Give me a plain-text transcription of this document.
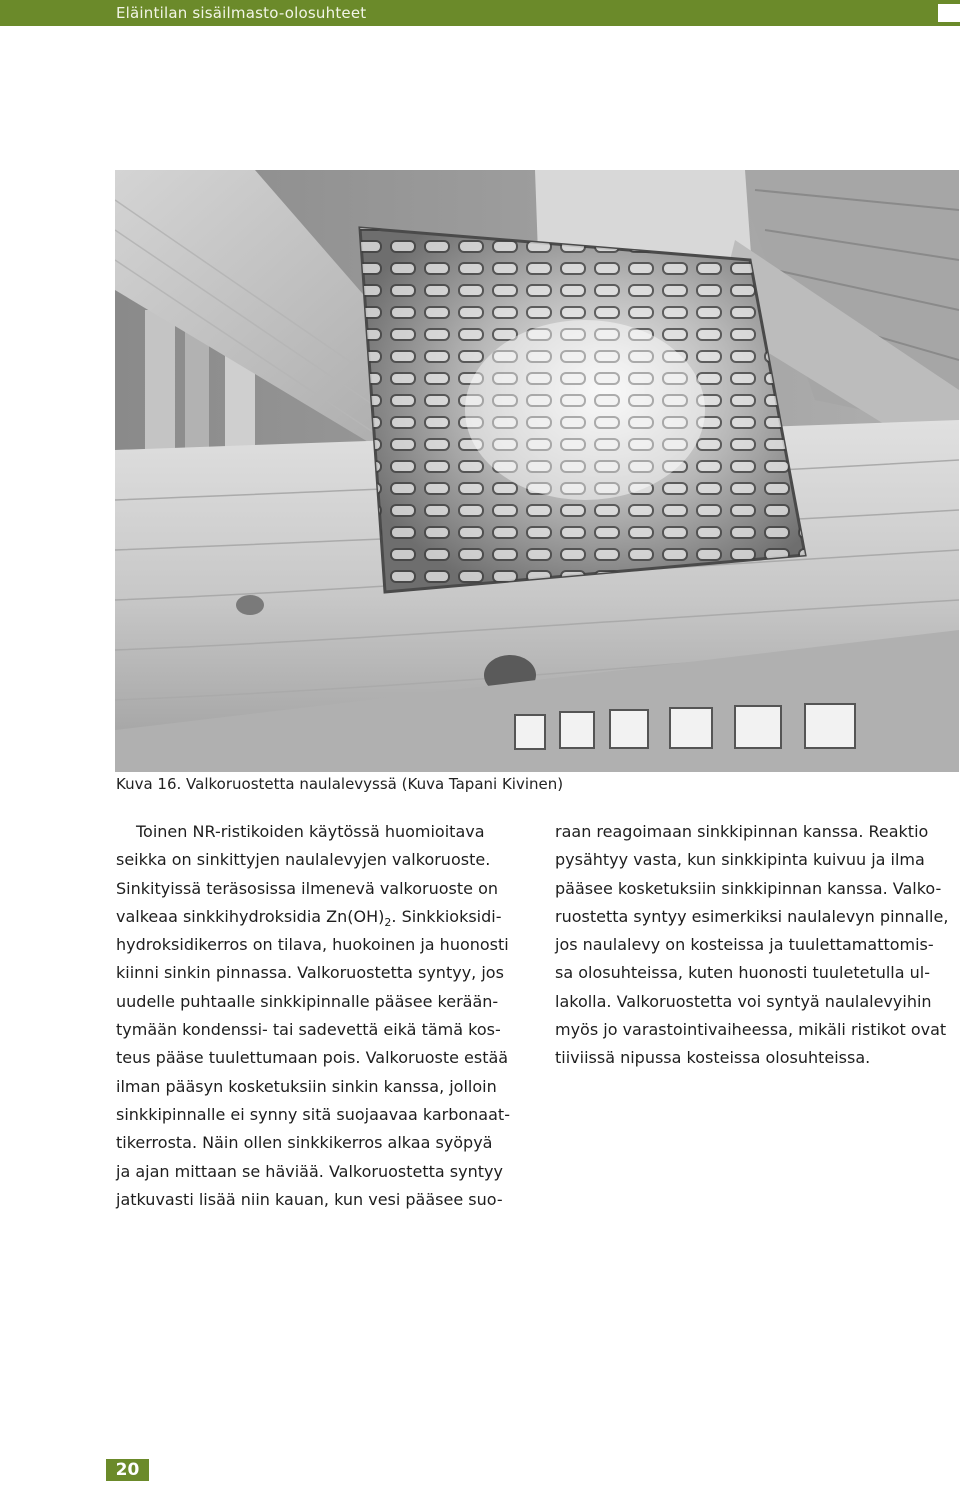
Eläintilan sisäilmasto-olosuhteet
Kuva 16. Valkoruostetta naulalevyssä (Kuva Tapani Kivinen)
Toinen NR-ristikoiden käytössä huomioitava
seikka on sinkittyjen naulalevyjen valkoruoste.
Sinkityissä teräsosissa ilmenevä valkoruoste on
valkeaa sinkkihydroksidia $Zn(OH)_2$. Sinkkioksidi-
hydroksidikerros on tilava, huokoinen ja huonosti
kiinni sinkin pinnassa. Valkoruostetta syntyy, jos
uudelle puhtaalle sinkkipinnalle pääsee kerään-
tymään kondenssi- tai sadevettä eikä tämä kos-
teus pääse tuulettumaan pois. Valkoruoste estää
ilman pääsyn kosketuksiin sinkin kanssa, jolloin
sinkkipinnalle ei synny sitä suojaavaa karbonaat-
tikerrosta. Näin ollen sinkkikerros alkaa syöpyä
ja ajan mittaan se häviää. Valkoruostetta syntyy
jatkuvasti lisää niin kauan, kun vesi pääsee suo-
raan reagoimaan sinkkipinnan kanssa. Reaktio
pysähtyy vasta, kun sinkkipinta kuivuu ja ilma
pääsee kosketuksiin sinkkipinnan kanssa. Valko-
ruostetta syntyy esimerkiksi naulalevyn pinnalle,
jos naulalevy on kosteissa ja tuulettamattomis-
sa olosuhteissa, kuten huonosti tuuletetulla ul-
lakolla. Valkoruostetta voi syntyä naulalevyihin
myös jo varastointivaiheessa, mikäli ristikot ovat
tiiviissä nipussa kosteissa olosuhteissa.
20
